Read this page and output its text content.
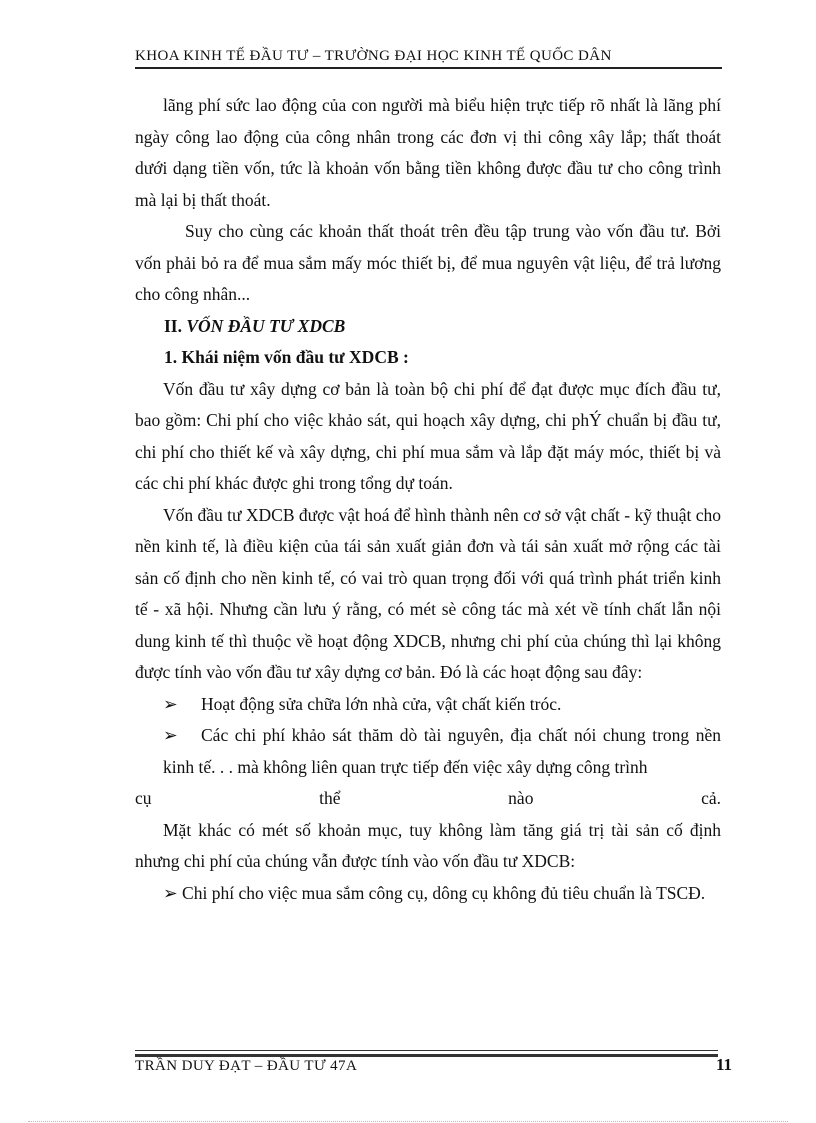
KHOA KINH TẾ ĐẦU TƯ – TRƯỜNG ĐẠI HỌC KINH TẾ QUỐC DÂN

lãng phí sức lao động của con người mà biểu hiện trực tiếp rõ nhất là lãng phí ngày công lao động của công nhân trong các đơn vị thi công xây lắp; thất thoát dưới dạng tiền vốn, tức là khoản vốn bằng tiền không được đầu tư cho công trình mà lại bị thất thoát.

Suy cho cùng các khoản thất thoát trên đều tập trung vào vốn đầu tư. Bởi vốn phải bỏ ra để mua sắm mấy móc thiết bị, để mua nguyên vật liệu, để trả lương cho công nhân...

II. VỐN ĐẦU TƯ XDCB

1. Khái niệm vốn đầu tư XDCB :

Vốn đầu tư xây dựng cơ bản là toàn bộ chi phí để đạt được mục đích đầu tư, bao gồm: Chi phí cho việc khảo sát, qui hoạch xây dựng, chi phÝ chuẩn bị đầu tư, chi phí cho thiết kế và xây dựng, chi phí mua sắm và lắp đặt máy móc, thiết bị và các chi phí khác được ghi trong tổng dự toán.

Vốn đầu tư XDCB được vật hoá để hình thành nên cơ sở vật chất - kỹ thuật cho nền kinh tế, là điều kiện của tái sản xuất giản đơn và tái sản xuất mở rộng các tài sản cố định cho nền kinh tế, có vai trò quan trọng đối với quá trình phát triển kinh tế - xã hội. Nhưng cần lưu ý rằng, có mét sè công tác mà xét về tính chất lẫn nội dung kinh tế thì thuộc về hoạt động XDCB, nhưng chi phí của chúng thì lại không được tính vào vốn đầu tư xây dựng cơ bản. Đó là các hoạt động sau đây:

➢ Hoạt động sửa chữa lớn nhà cửa, vật chất kiến tróc.

➢ Các chi phí khảo sát thăm dò tài nguyên, địa chất nói chung trong nền kinh tế. . . mà không liên quan trực tiếp đến việc xây dựng công trình

cụ thể nào cả.

Mặt khác có mét số khoản mục, tuy không làm tăng giá trị tài sản cố định nhưng chi phí của chúng vẫn được tính vào vốn đầu tư XDCB:

➢ Chi phí cho việc mua sắm công cụ, dông cụ không đủ tiêu chuẩn là TSCĐ.

TRẦN DUY ĐẠT – ĐẦU TƯ 47A	11
